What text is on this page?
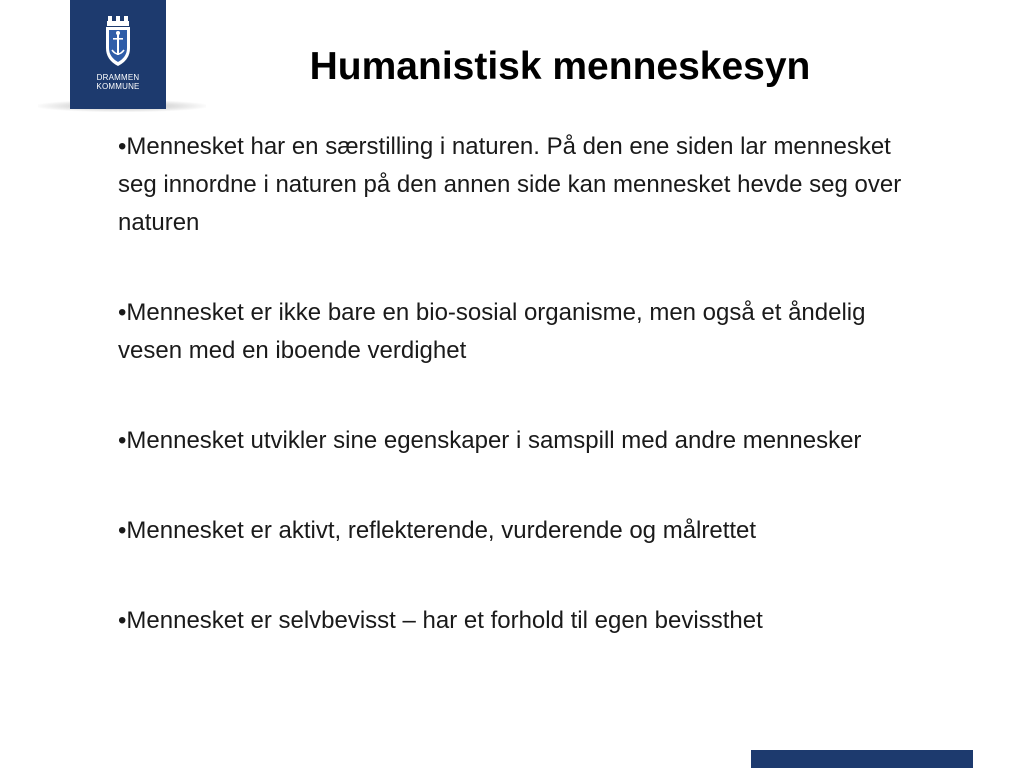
DRAMMEN
KOMMUNE	Humanistisk menneskesyn
•Mennesket har en særstilling i naturen. På den ene siden lar mennesket seg innordne i naturen på den annen side kan mennesket hevde seg over naturen
•Mennesket er ikke bare en bio-sosial organisme, men også et åndelig vesen med en iboende verdighet
•Mennesket utvikler sine egenskaper i samspill med andre mennesker
•Mennesket er aktivt, reflekterende, vurderende og målrettet
•Mennesket er selvbevisst – har et forhold til egen bevissthet
